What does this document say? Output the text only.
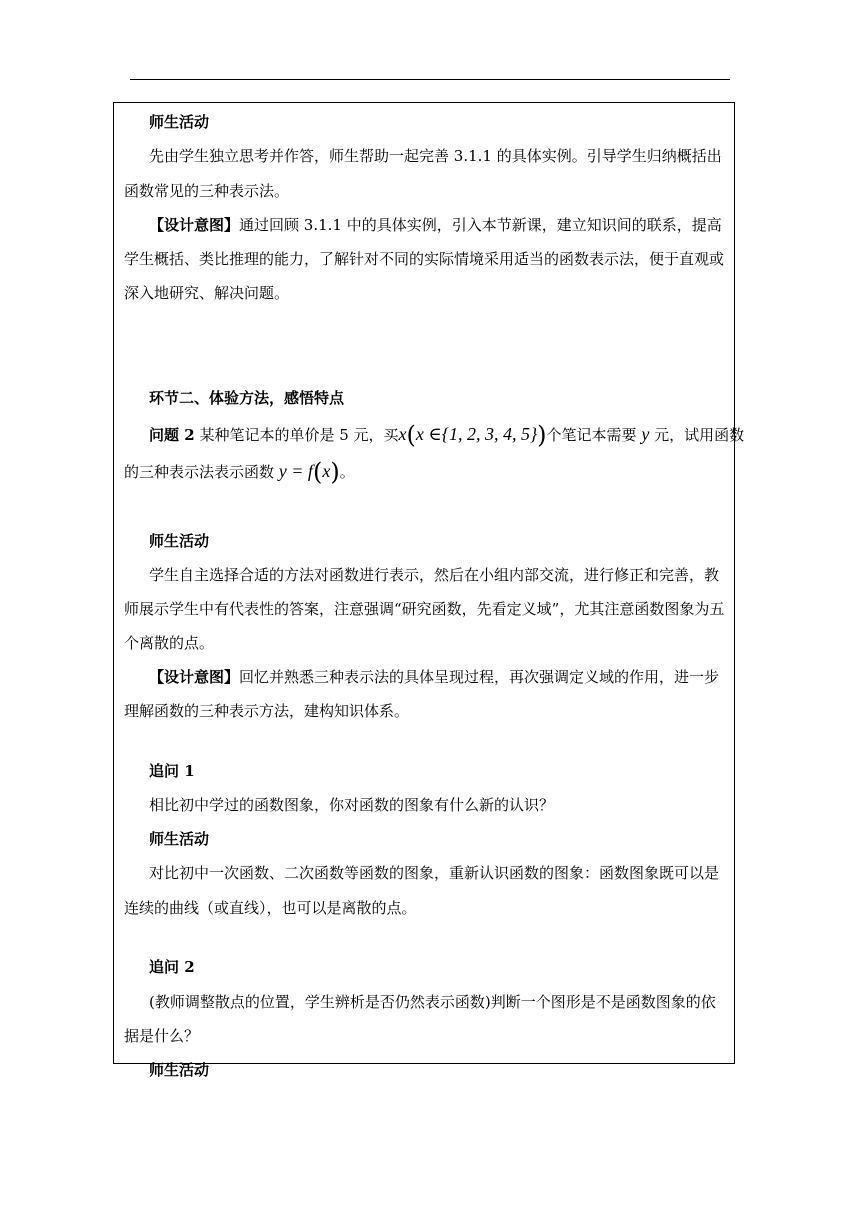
师生活动
先由学生独立思考并作答，师生帮助一起完善 3.1.1 的具体实例。引导学生归纳概括出
函数常见的三种表示法。
【设计意图】通过回顾 3.1.1 中的具体实例，引入本节新课，建立知识间的联系，提高
学生概括、类比推理的能力，了解针对不同的实际情境采用适当的函数表示法，便于直观或
深入地研究、解决问题。
环节二、体验方法，感悟特点
问题 2 某种笔记本的单价是 5 元，买x(x ∈{1, 2, 3, 4, 5})个笔记本需要 y 元，试用函数
的三种表示法表示函数 y = f(x)。
师生活动
学生自主选择合适的方法对函数进行表示，然后在小组内部交流，进行修正和完善，教
师展示学生中有代表性的答案，注意强调“研究函数，先看定义域”，尤其注意函数图象为五
个离散的点。
【设计意图】回忆并熟悉三种表示法的具体呈现过程，再次强调定义域的作用，进一步
理解函数的三种表示方法，建构知识体系。
追问 1
相比初中学过的函数图象，你对函数的图象有什么新的认识？
师生活动
对比初中一次函数、二次函数等函数的图象，重新认识函数的图象：函数图象既可以是
连续的曲线（或直线），也可以是离散的点。
追问 2
(教师调整散点的位置，学生辨析是否仍然表示函数)判断一个图形是不是函数图象的依
据是什么？
师生活动
